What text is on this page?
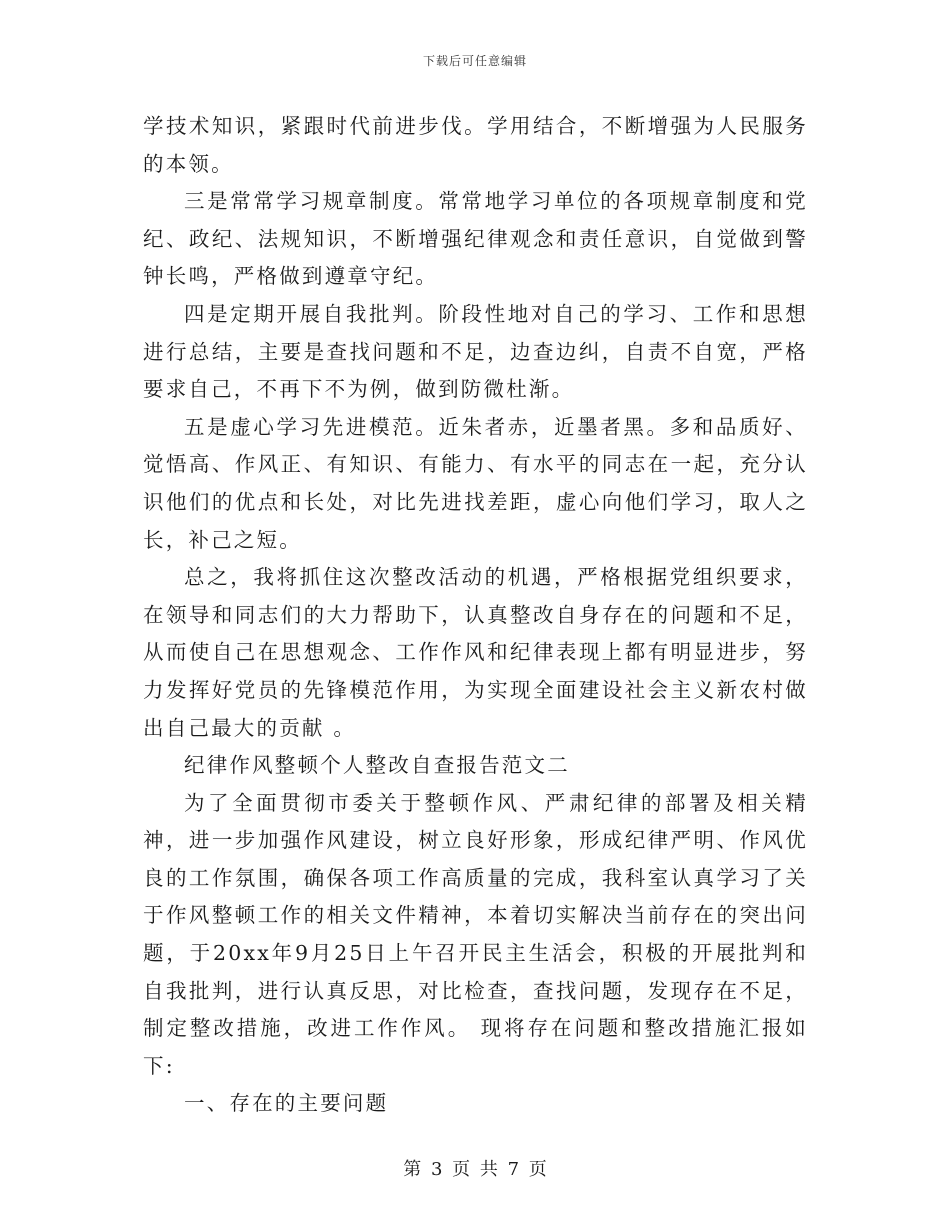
下载后可任意编辑

学技术知识，紧跟时代前进步伐。学用结合，不断增强为人民服务的本领。

三是常常学习规章制度。常常地学习单位的各项规章制度和党纪、政纪、法规知识，不断增强纪律观念和责任意识，自觉做到警钟长鸣，严格做到遵章守纪。

四是定期开展自我批判。阶段性地对自己的学习、工作和思想进行总结，主要是查找问题和不足，边查边纠，自责不自宽，严格要求自己，不再下不为例，做到防微杜渐。

五是虚心学习先进模范。近朱者赤，近墨者黑。多和品质好、觉悟高、作风正、有知识、有能力、有水平的同志在一起，充分认识他们的优点和长处，对比先进找差距，虚心向他们学习，取人之长，补己之短。

总之，我将抓住这次整改活动的机遇，严格根据党组织要求，在领导和同志们的大力帮助下，认真整改自身存在的问题和不足，从而使自己在思想观念、工作作风和纪律表现上都有明显进步，努力发挥好党员的先锋模范作用，为实现全面建设社会主义新农村做出自己最大的贡献 。

纪律作风整顿个人整改自查报告范文二

为了全面贯彻市委关于整顿作风、严肃纪律的部署及相关精神，进一步加强作风建设，树立良好形象，形成纪律严明、作风优良的工作氛围，确保各项工作高质量的完成，我科室认真学习了关于作风整顿工作的相关文件精神，本着切实解决当前存在的突出问题，于20xx年9月25日上午召开民主生活会，积极的开展批判和自我批判，进行认真反思，对比检查，查找问题，发现存在不足，制定整改措施，改进工作作风。 现将存在问题和整改措施汇报如下:

一、存在的主要问题

第 3 页 共 7 页
